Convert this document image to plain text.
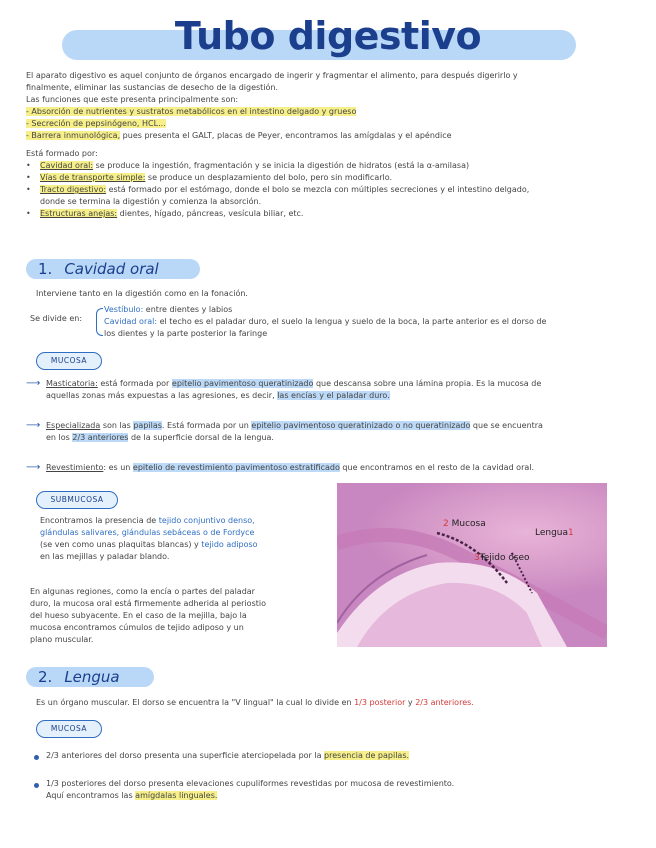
Tubo digestivo
El aparato digestivo es aquel conjunto de órganos encargado de ingerir y fragmentar el alimento, para después digerirlo y
finalmente, eliminar las sustancias de desecho de la digestión.
Las funciones que este presenta principalmente son:
- Absorción de nutrientes y sustratos metabólicos en el intestino delgado y grueso
- Secreción de pepsinógeno, HCL...
- Barrera inmunológica, pues presenta el GALT, placas de Peyer, encontramos las amígdalas y el apéndice
Está formado por:
•	Cavidad oral: se produce la ingestión, fragmentación y se inicia la digestión de hidratos (está la α-amilasa)
•	Vías de transporte simple: se produce un desplazamiento del bolo, pero sin modificarlo.
•	Tracto digestivo: está formado por el estómago, donde el bolo se mezcla con múltiples secreciones y el intestino delgado,
donde se termina la digestión y comienza la absorción.
•	Estructuras anejas: dientes, hígado, páncreas, vesícula biliar, etc.
1. Cavidad oral
Interviene tanto en la digestión como en la fonación.
Se divide en:
Vestíbulo: entre dientes y labios
Cavidad oral: el techo es el paladar duro, el suelo la lengua y suelo de la boca, la parte anterior es el dorso de
los dientes y la parte posterior la faringe
MUCOSA
⟶ Masticatoria: está formada por epitelio pavimentoso queratinizado que descansa sobre una lámina propia. Es la mucosa de
aquellas zonas más expuestas a las agresiones, es decir, las encías y el paladar duro.
⟶ Especializada son las papilas. Está formada por un epitelio pavimentoso queratinizado o no queratinizado que se encuentra
en los 2/3 anteriores de la superficie dorsal de la lengua.
⟶ Revestimiento: es un epitelio de revestimiento pavimentoso estratificado que encontramos en el resto de la cavidad oral.
SUBMUCOSA
Encontramos la presencia de tejido conjuntivo denso,
glándulas salivares, glándulas sebáceas o de Fordyce
(se ven como unas plaquitas blancas) y tejido adiposo
en las mejillas y paladar blando.
En algunas regiones, como la encía o partes del paladar
duro, la mucosa oral está firmemente adherida al periostio
del hueso subyacente. En el caso de la mejilla, bajo la
mucosa encontramos cúmulos de tejido adiposo y un
plano muscular.
2 Mucosa
Lengua1
3Tejido óseo
2. Lengua
Es un órgano muscular. El dorso se encuentra la "V lingual" la cual lo divide en 1/3 posterior y 2/3 anteriores.
MUCOSA
2/3 anteriores del dorso presenta una superficie aterciopelada por la presencia de papilas.
1/3 posteriores del dorso presenta elevaciones cupuliformes revestidas por mucosa de revestimiento.
Aquí encontramos las amígdalas linguales.
